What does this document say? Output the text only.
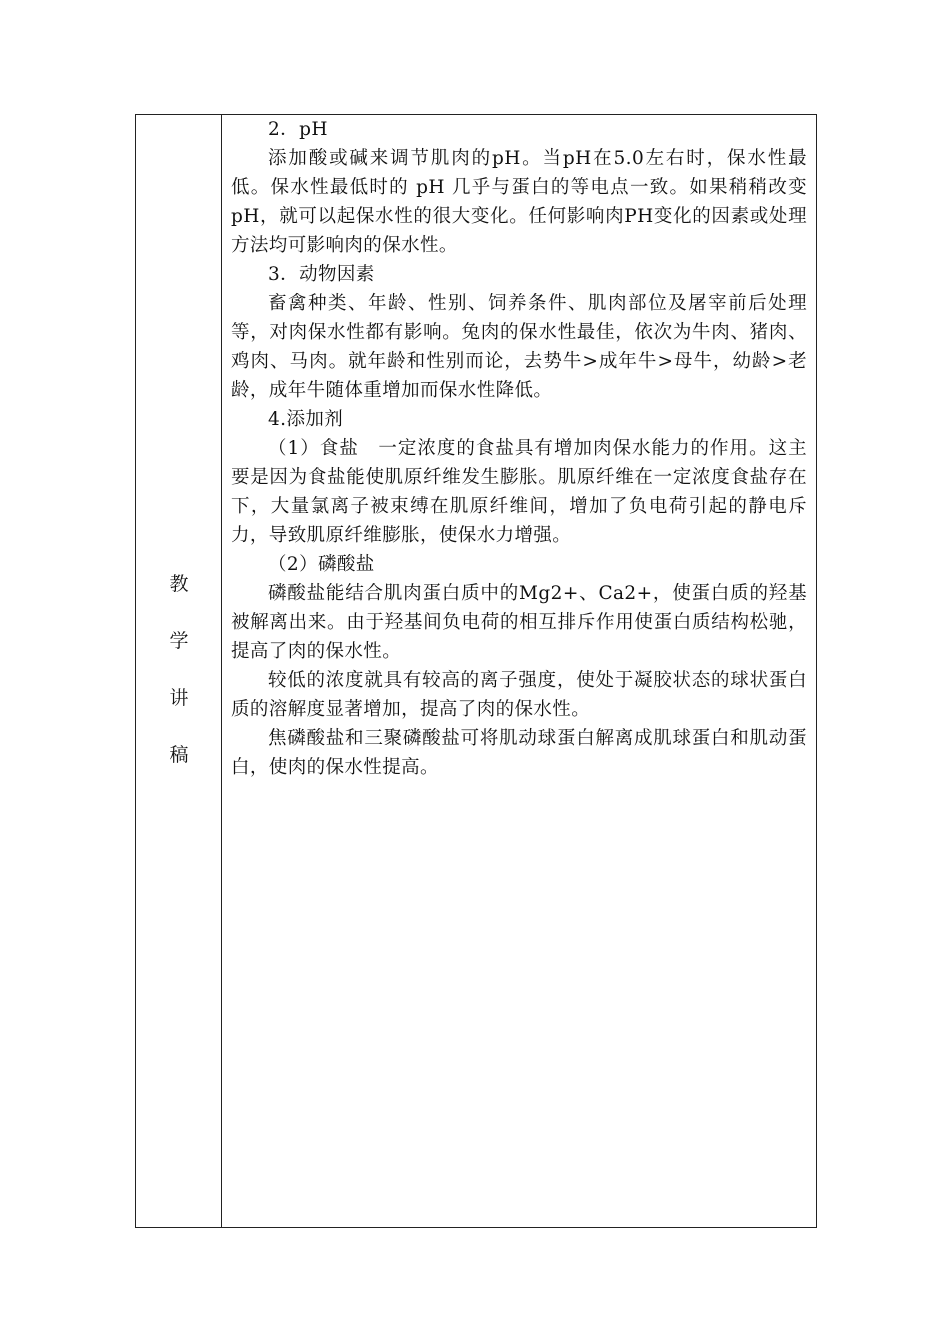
教
学
讲
稿

2．pH

添加酸或碱来调节肌肉的pH。当pH在5.0左右时，保水性最低。保水性最低时的 pH 几乎与蛋白的等电点一致。如果稍稍改变pH，就可以起保水性的很大变化。任何影响肉PH变化的因素或处理方法均可影响肉的保水性。

3．动物因素

畜禽种类、年龄、性别、饲养条件、肌肉部位及屠宰前后处理等，对肉保水性都有影响。兔肉的保水性最佳，依次为牛肉、猪肉、鸡肉、马肉。就年龄和性别而论，去势牛>成年牛>母牛，幼龄>老龄，成年牛随体重增加而保水性降低。

4.添加剂

（1）食盐　一定浓度的食盐具有增加肉保水能力的作用。这主要是因为食盐能使肌原纤维发生膨胀。肌原纤维在一定浓度食盐存在下，大量氯离子被束缚在肌原纤维间，增加了负电荷引起的静电斥力，导致肌原纤维膨胀，使保水力增强。

（2）磷酸盐

磷酸盐能结合肌肉蛋白质中的Mg2+、Ca2+，使蛋白质的羟基被解离出来。由于羟基间负电荷的相互排斥作用使蛋白质结构松驰，提高了肉的保水性。

较低的浓度就具有较高的离子强度，使处于凝胶状态的球状蛋白质的溶解度显著增加，提高了肉的保水性。

焦磷酸盐和三聚磷酸盐可将肌动球蛋白解离成肌球蛋白和肌动蛋白，使肉的保水性提高。
